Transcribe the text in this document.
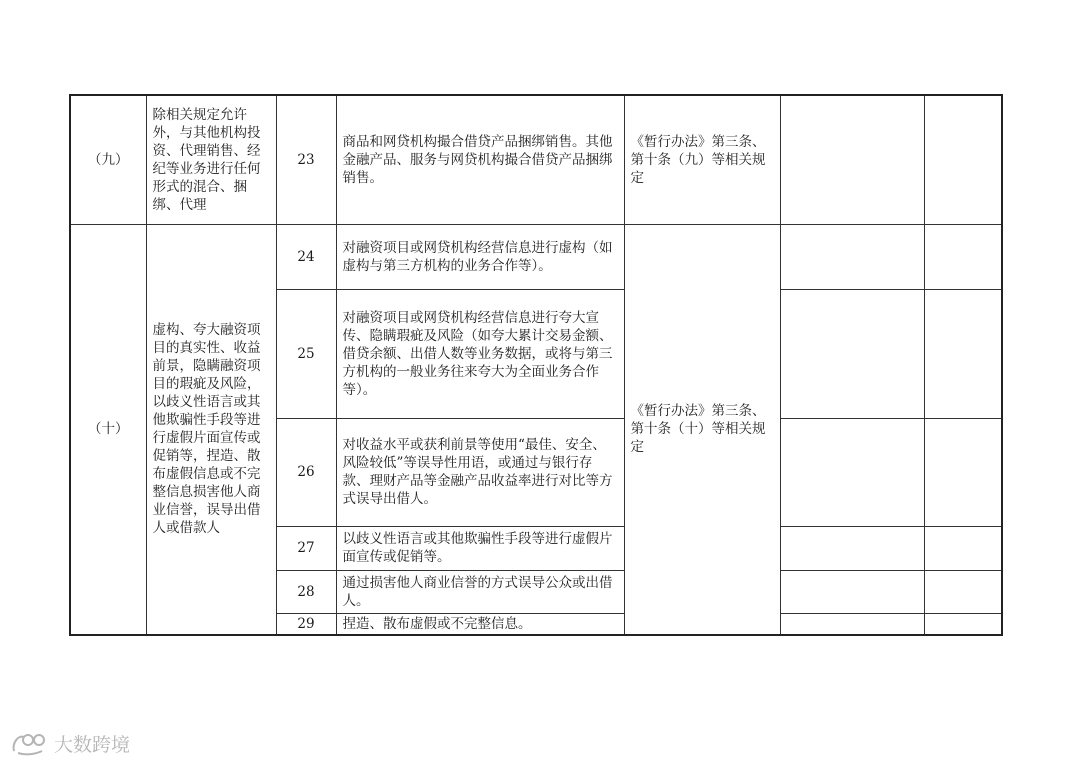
（九）	除相关规定允许外，与其他机构投资、代理销售、经纪等业务进行任何形式的混合、捆绑、代理	23	商品和网贷机构撮合借贷产品捆绑销售。其他金融产品、服务与网贷机构撮合借贷产品捆绑销售。	《暂行办法》第三条、第十条（九）等相关规定		
（十）	虚构、夸大融资项目的真实性、收益前景，隐瞒融资项目的瑕疵及风险，以歧义性语言或其他欺骗性手段等进行虚假片面宣传或促销等，捏造、散布虚假信息或不完整信息损害他人商业信誉，误导出借人或借款人	24	对融资项目或网贷机构经营信息进行虚构（如虚构与第三方机构的业务合作等）。	《暂行办法》第三条、第十条（十）等相关规定		
		25	对融资项目或网贷机构经营信息进行夸大宣传、隐瞒瑕疵及风险（如夸大累计交易金额、借贷余额、出借人数等业务数据，或将与第三方机构的一般业务往来夸大为全面业务合作等）。			
		26	对收益水平或获利前景等使用“最佳、安全、风险较低”等误导性用语，或通过与银行存款、理财产品等金融产品收益率进行对比等方式误导出借人。			
		27	以歧义性语言或其他欺骗性手段等进行虚假片面宣传或促销等。			
		28	通过损害他人商业信誉的方式误导公众或出借人。			
		29	捏造、散布虚假或不完整信息。			
大数跨境
